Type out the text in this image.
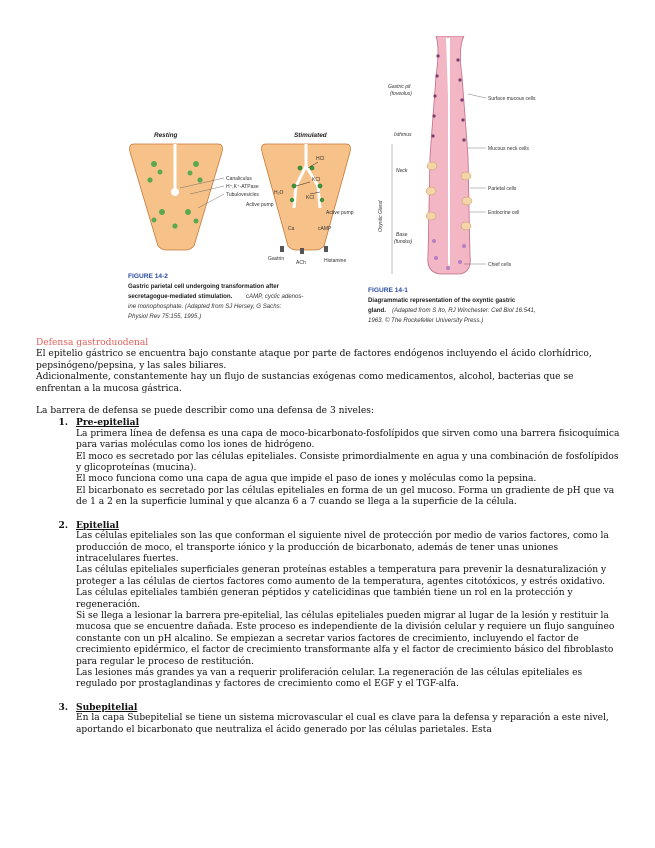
Resting
Canaliculus
H⁺,K⁺-ATPase
Tubulovesicles
Stimulated
HCl
KCl
KCl
H₂O
Active pump
Active pump
Ca	cAMP
Gastrin
ACh	Histamine
FIGURE 14-2
Gastric parietal cell undergoing transformation after
secretagogue-mediated stimulation. cAMP, cyclic adenos-
ine monophosphate. (Adapted from SJ Hersey, G Sachs:
Physiol Rev 75:155, 1995.)
Gastric pit
(foveolus)
Surface mucous cells
Isthmus
Mucous neck cells
Neck
Parietal cells
Oxyntic Gland	Endocrine cell
Base
(fundus)
Chief cells
FIGURE 14-1
Diagrammatic representation of the oxyntic gastric
gland. (Adapted from S Ito, RJ Winchester: Cell Biol 16:541,
1963. © The Rockefeller University Press.)

Defensa gastroduodenal

El epitelio gástrico se encuentra bajo constante ataque por parte de factores endógenos incluyendo el ácido clorhídrico, pepsinógeno/pepsina, y las sales biliares.

Adicionalmente, constantemente hay un flujo de sustancias exógenas como medicamentos, alcohol, bacterias que se enfrentan a la mucosa gástrica.

La barrera de defensa se puede describir como una defensa de 3 niveles:

1. Pre-epitelial

La primera línea de defensa es una capa de moco-bicarbonato-fosfolípidos que sirven como una barrera fisicoquímica para varias moléculas como los iones de hidrógeno.

El moco es secretado por las células epiteliales. Consiste primordialmente en agua y una combinación de fosfolípidos y glicoproteínas (mucina).

El moco funciona como una capa de agua que impide el paso de iones y moléculas como la pepsina.

El bicarbonato es secretado por las células epiteliales en forma de un gel mucoso. Forma un gradiente de pH que va de 1 a 2 en la superficie luminal y que alcanza 6 a 7 cuando se llega a la superficie de la célula.

2. Epitelial

Las células epiteliales son las que conforman el siguiente nivel de protección por medio de varios factores, como la producción de moco, el transporte iónico y la producción de bicarbonato, además de tener unas uniones intracelulares fuertes.

Las células epiteliales superficiales generan proteínas estables a temperatura para prevenir la desnaturalización y proteger a las células de ciertos factores como aumento de la temperatura, agentes citotóxicos, y estrés oxidativo.

Las células epiteliales también generan péptidos y catelicidinas que también tiene un rol en la protección y regeneración.

Si se llega a lesionar la barrera pre-epitelial, las células epiteliales pueden migrar al lugar de la lesión y restituir la mucosa que se encuentre dañada. Este proceso es independiente de la división celular y requiere un flujo sanguíneo constante con un pH alcalino. Se empiezan a secretar varios factores de crecimiento, incluyendo el factor de crecimiento epidérmico, el factor de crecimiento transformante alfa y el factor de crecimiento básico del fibroblasto para regular le proceso de restitución.

Las lesiones más grandes ya van a requerir proliferación celular. La regeneración de las células epiteliales es regulado por prostaglandinas y factores de crecimiento como el EGF y el TGF-alfa.

3. Subepitelial

En la capa Subepitelial se tiene un sistema microvascular el cual es clave para la defensa y reparación a este nivel, aportando el bicarbonato que neutraliza el ácido generado por las células parietales. Esta
